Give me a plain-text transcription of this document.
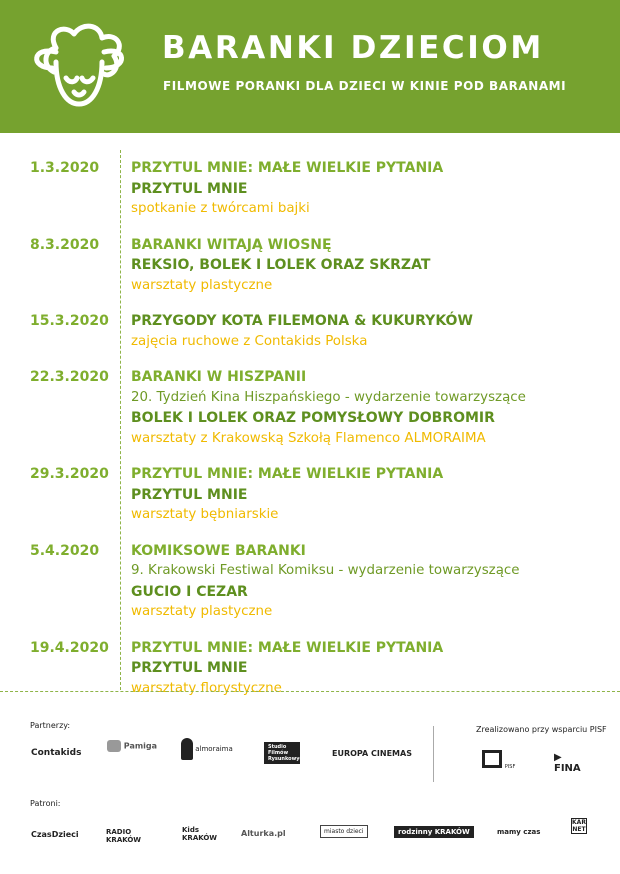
BARANKI DZIECIOM

FILMOWE PORANKI DLA DZIECI W KINIE POD BARANAMI

1.3.2020 PRZYTUL MNIE: MAŁE WIELKIE PYTANIA
PRZYTUL MNIE
spotkanie z twórcami bajki
8.3.2020 BARANKI WITAJĄ WIOSNĘ
REKSIO, BOLEK I LOLEK ORAZ SKRZAT
warsztaty plastyczne
15.3.2020 PRZYGODY KOTA FILEMONA & KUKURYKÓW
zajęcia ruchowe z Contakids Polska
22.3.2020 BARANKI W HISZPANII
20. Tydzień Kina Hiszpańskiego - wydarzenie towarzyszące
BOLEK I LOLEK ORAZ POMYSŁOWY DOBROMIR
warsztaty z Krakowską Szkołą Flamenco ALMORAIMA
29.3.2020 PRZYTUL MNIE: MAŁE WIELKIE PYTANIA
PRZYTUL MNIE
warsztaty bębniarskie
5.4.2020 KOMIKSOWE BARANKI
9. Krakowski Festiwal Komiksu - wydarzenie towarzyszące
GUCIO I CEZAR
warsztaty plastyczne
19.4.2020 PRZYTUL MNIE: MAŁE WIELKIE PYTANIA
PRZYTUL MNIE
warsztaty florystyczne
Partnerzy:	Zrealizowano przy wsparciu PISF
Contakids
Pamiga	almoraima	Studio Filmów Rysunkowych
EUROPA CINEMAS
PISF
▶
FINA
Patroni:
CzasDzieci	RADIO KRAKÓW
Kids KRAKÓW	Alturka.pl	miasto dzieci	rodzinny KRAKÓW	mamy czas
KARNET
